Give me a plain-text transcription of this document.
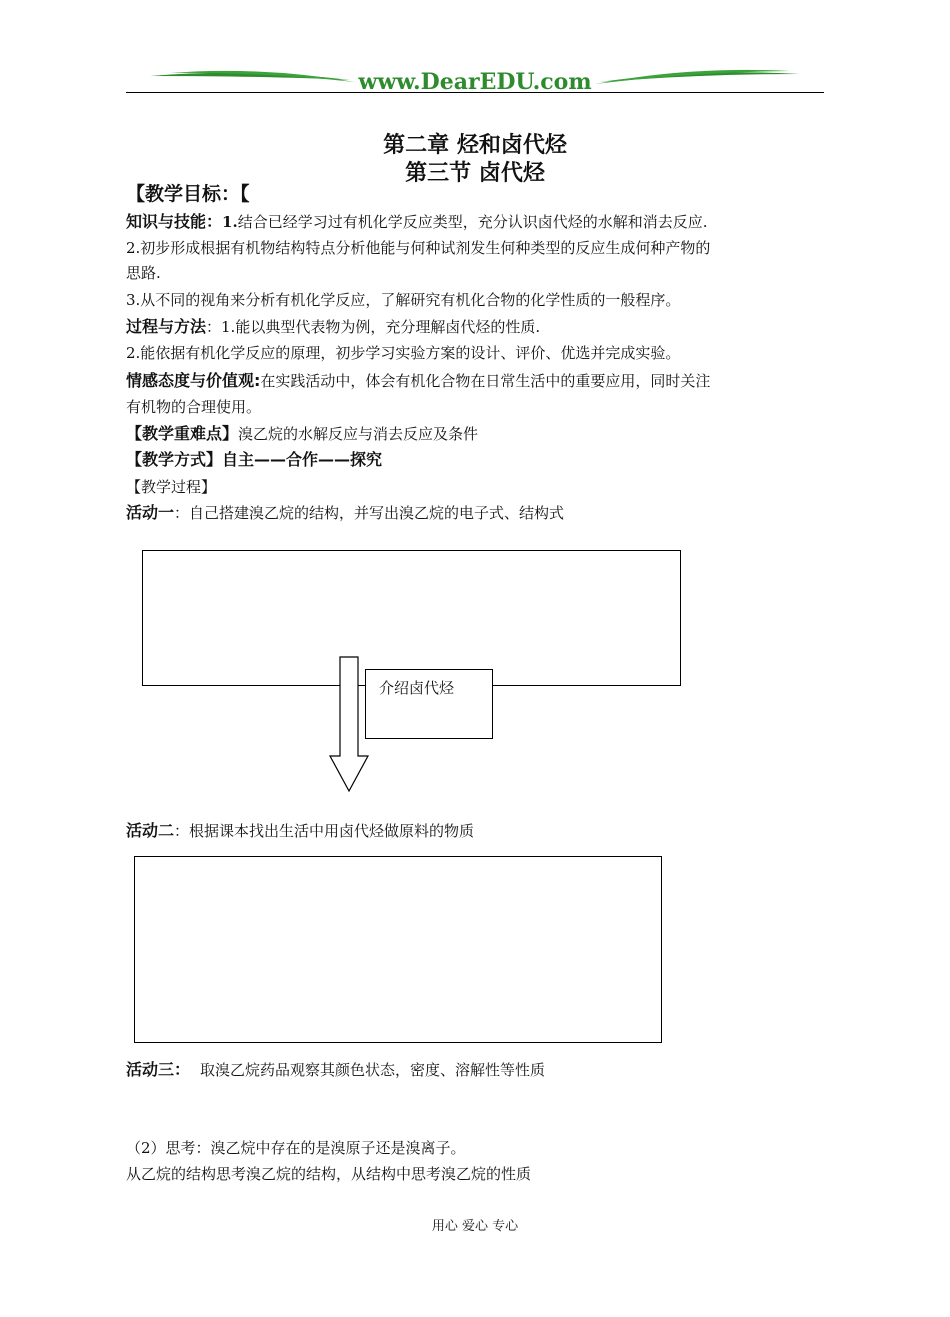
www.DearEDU.com
第二章 烃和卤代烃
第三节 卤代烃
【教学目标：【
知识与技能：1.结合已经学习过有机化学反应类型，充分认识卤代烃的水解和消去反应.
2.初步形成根据有机物结构特点分析他能与何种试剂发生何种类型的反应生成何种产物的
思路.
3.从不同的视角来分析有机化学反应，了解研究有机化合物的化学性质的一般程序。
过程与方法：1.能以典型代表物为例，充分理解卤代烃的性质.
2.能依据有机化学反应的原理，初步学习实验方案的设计、评价、优选并完成实验。
情感态度与价值观:在实践活动中，体会有机化合物在日常生活中的重要应用，同时关注
有机物的合理使用。
【教学重难点】溴乙烷的水解反应与消去反应及条件
【教学方式】自主——合作——探究
【教学过程】
活动一：自己搭建溴乙烷的结构，并写出溴乙烷的电子式、结构式
介绍卤代烃
活动二：根据课本找出生活中用卤代烃做原料的物质
活动三： 取溴乙烷药品观察其颜色状态，密度、溶解性等性质
（2）思考：溴乙烷中存在的是溴原子还是溴离子。
从乙烷的结构思考溴乙烷的结构，从结构中思考溴乙烷的性质
用心 爱心 专心
